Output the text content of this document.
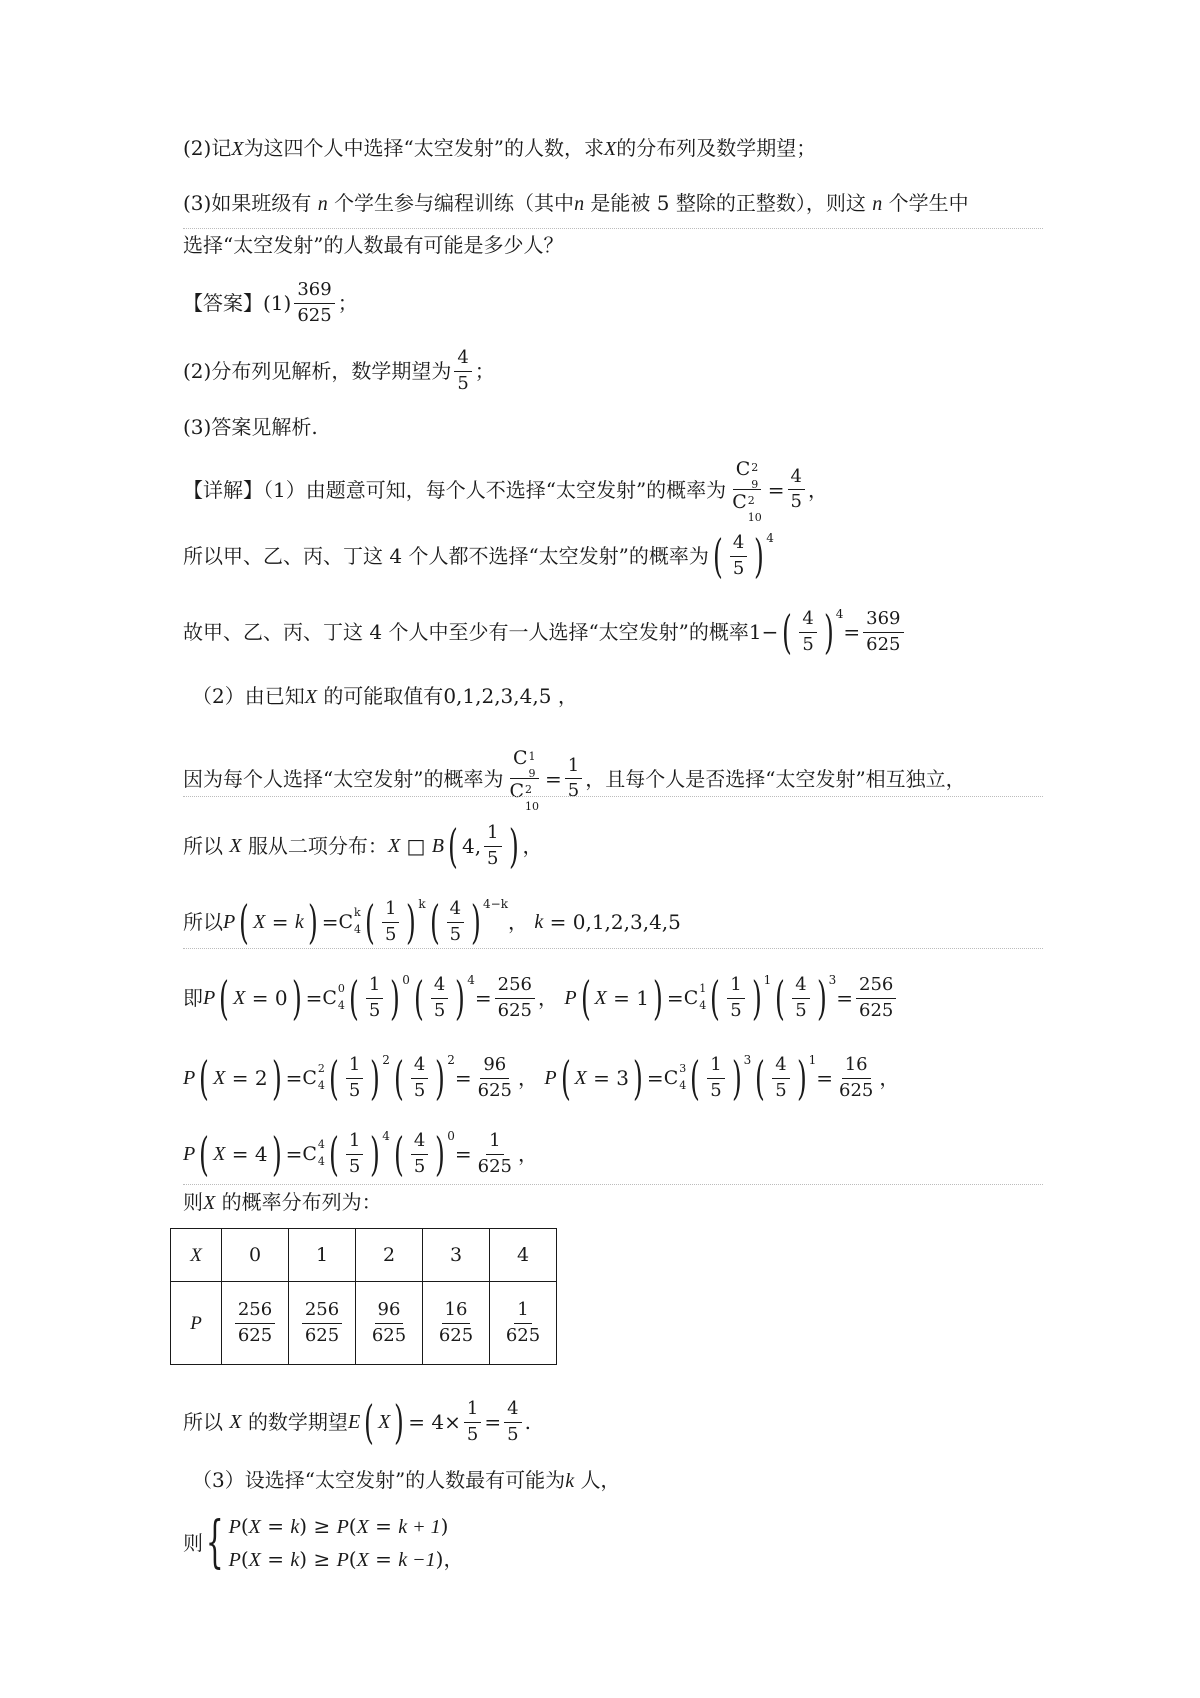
(2)记X为这四个人中选择“太空发射”的人数，求X的分布列及数学期望；
(3)如果班级有 n 个学生参与编程训练（其中n 是能被 5 整除的正整数），则这 n 个学生中
选择“太空发射”的人数最有可能是多少人？
【答案】$(1) \frac{369}{625}$ ；
(2)分布列见解析，数学期望为 $\frac{4}{5}$ ；
(3)答案见解析.
【详解】（1）由题意可知，每个人不选择“太空发射”的概率为 C 2
9
C 2
$10 = \frac{4}{5}$ ，
所以甲、乙、丙、丁这 4 个人都不选择“太空发射”的概率为 ( $\frac{4}{5}$ ) 4
故甲、乙、丙、丁这 4 个人中至少有一人选择“太空发射”的概率 1 − ( $\frac{4}{5}$ ) 4
= $\frac{369}{625}$
（2）由已知X 的可能取值有0,1,2,3,4,5 ，
因为每个人选择“太空发射”的概率为 C 1
9
C 2
$10 = \frac{1}{5}$ ，且每个人是否选择“太空发射”相互独立，
所以
X
服从二项分布： X
□
B ( 4 , $\frac{1}{5}$ ) ，
所以 P ( X
=
k ) = C k
4 ( $\frac{1}{5}$ ) k ( $\frac{4}{5}$ ) 4−k
，
k
=
0,1,2,3,4,5
即 P ( X
=
0 ) = C 0
4 ( $\frac{1}{5}$ ) 0 ( $\frac{4}{5}$ ) 4
= $\frac{256}{625}$ ，
P ( X
=
1 ) = C 1
4 ( $\frac{1}{5}$ ) 1 ( $\frac{4}{5}$ ) 3
= $\frac{256}{625}$
P ( X
=
2 ) = C 2
4 ( $\frac{1}{5}$ ) 2 ( $\frac{4}{5}$ ) 2
= $\frac{96}{625}$ ，
P ( X
=
3 ) = C 3
4 ( $\frac{1}{5}$ ) 3 ( $\frac{4}{5}$ ) 1
= $\frac{16}{625}$ ，
P ( X
=
4 ) = C 4
4 ( $\frac{1}{5}$ ) 4 ( $\frac{4}{5}$ ) 0
= $\frac{1}{625}$ ，
则X 的概率分布列为：
X	0	1	2	3	4
P	$\frac{256}{625}$	$\frac{256}{625}$	$\frac{96}{625}$	$\frac{16}{625}$	$\frac{1}{625}$
所以
X
的数学期望 E ( X ) =
$4 \times \frac{1}{5} = \frac{4}{5}$ .
（3）设选择“太空发射”的人数最有可能为k 人，
则 { P(X = k) ≥ P(X = k + 1)
P(X = k) ≥ P(X = k −1)，
